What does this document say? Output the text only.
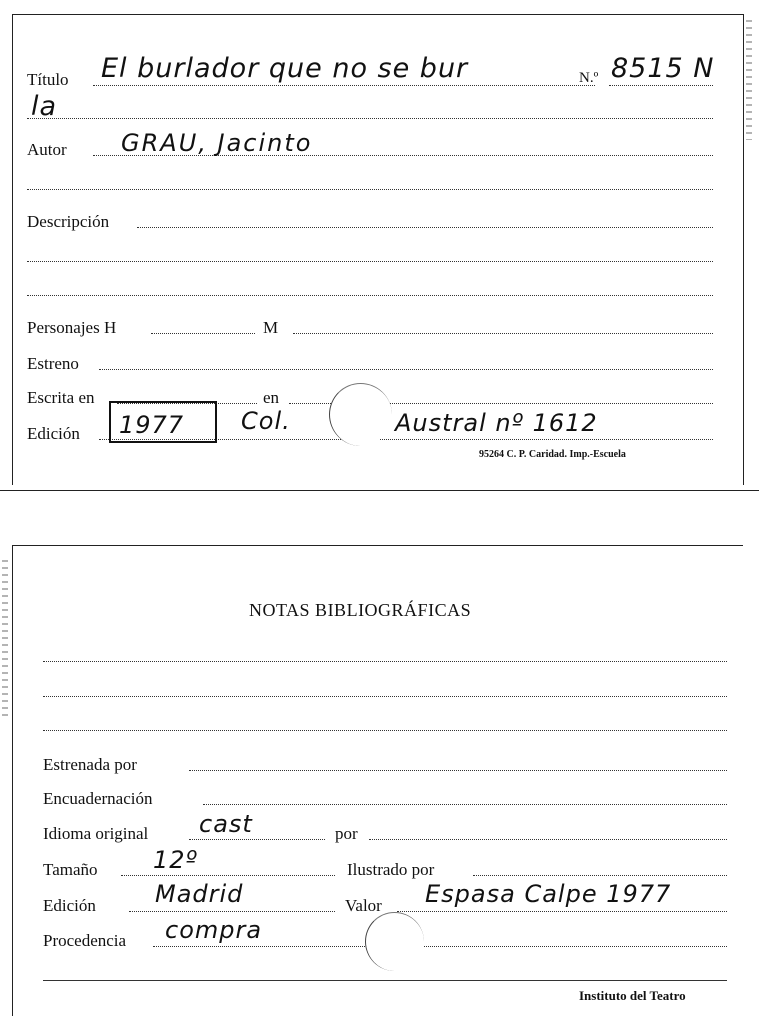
Título El burlador que no se bur	N.º 8515 N
la
Autor GRAU, Jacinto
Descripción
Personajes H	M
Estreno
Escrita en	en
Edición 1977 Col.	Austral nº 1612
95264 C. P. Caridad. Imp.-Escuela
NOTAS BIBLIOGRÁFICAS
Estrenada por
Encuadernación
Idioma original cast	por
Tamaño 12º	Ilustrado por
Edición Madrid	Valor Espasa Calpe 1977
Procedencia compra
Instituto del Teatro
